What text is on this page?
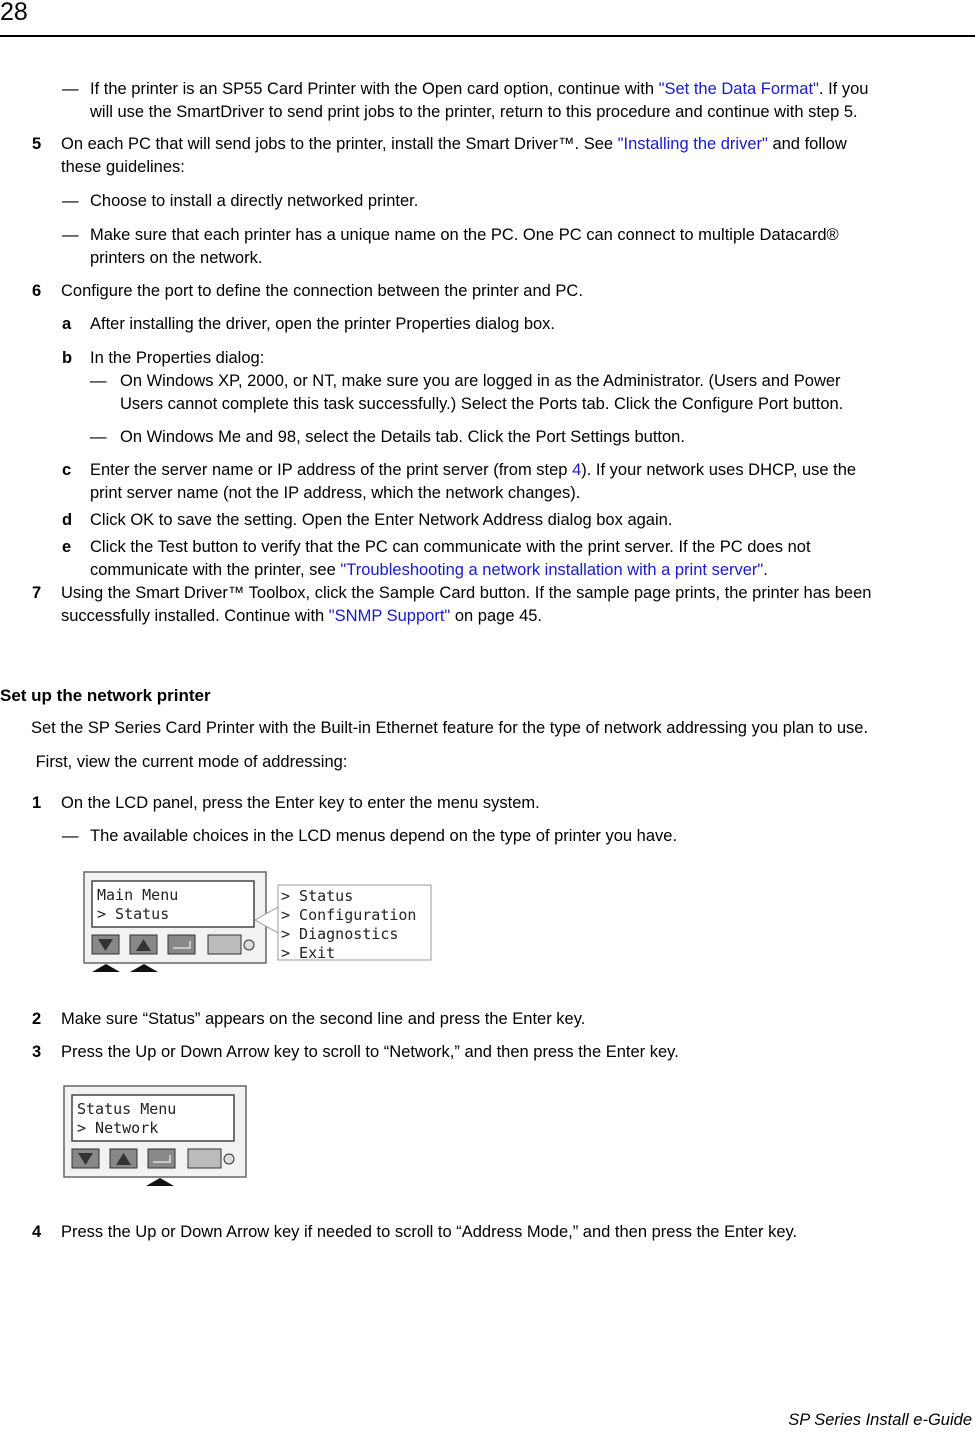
28
— If the printer is an SP55 Card Printer with the Open card option, continue with "Set the Data Format". If you
will use the SmartDriver to send print jobs to the printer, return to this procedure and continue with step 5.
5 On each PC that will send jobs to the printer, install the Smart Driver™. See "Installing the driver" and follow
these guidelines:
— Choose to install a directly networked printer.
— Make sure that each printer has a unique name on the PC. One PC can connect to multiple Datacard®
printers on the network.
6 Configure the port to define the connection between the printer and PC.
a After installing the driver, open the printer Properties dialog box.
b In the Properties dialog:
— On Windows XP, 2000, or NT, make sure you are logged in as the Administrator. (Users and Power
Users cannot complete this task successfully.) Select the Ports tab. Click the Configure Port button.
— On Windows Me and 98, select the Details tab. Click the Port Settings button.
c Enter the server name or IP address of the print server (from step 4). If your network uses DHCP, use the
print server name (not the IP address, which the network changes).
d Click OK to save the setting. Open the Enter Network Address dialog box again.
e Click the Test button to verify that the PC can communicate with the print server. If the PC does not
communicate with the printer, see "Troubleshooting a network installation with a print server".
7 Using the Smart Driver™ Toolbox, click the Sample Card button. If the sample page prints, the printer has been
successfully installed. Continue with "SNMP Support" on page 45.
Set up the network printer
Set the SP Series Card Printer with the Built-in Ethernet feature for the type of network addressing you plan to use.
First, view the current mode of addressing:
1 On the LCD panel, press the Enter key to enter the menu system.
— The available choices in the LCD menus depend on the type of printer you have.
Main Menu
> Status
> Status
> Configuration
> Diagnostics
> Exit
2 Make sure “Status” appears on the second line and press the Enter key.
3 Press the Up or Down Arrow key to scroll to “Network,” and then press the Enter key.
Status Menu
> Network
4 Press the Up or Down Arrow key if needed to scroll to “Address Mode,” and then press the Enter key.
SP Series Install e-Guide
